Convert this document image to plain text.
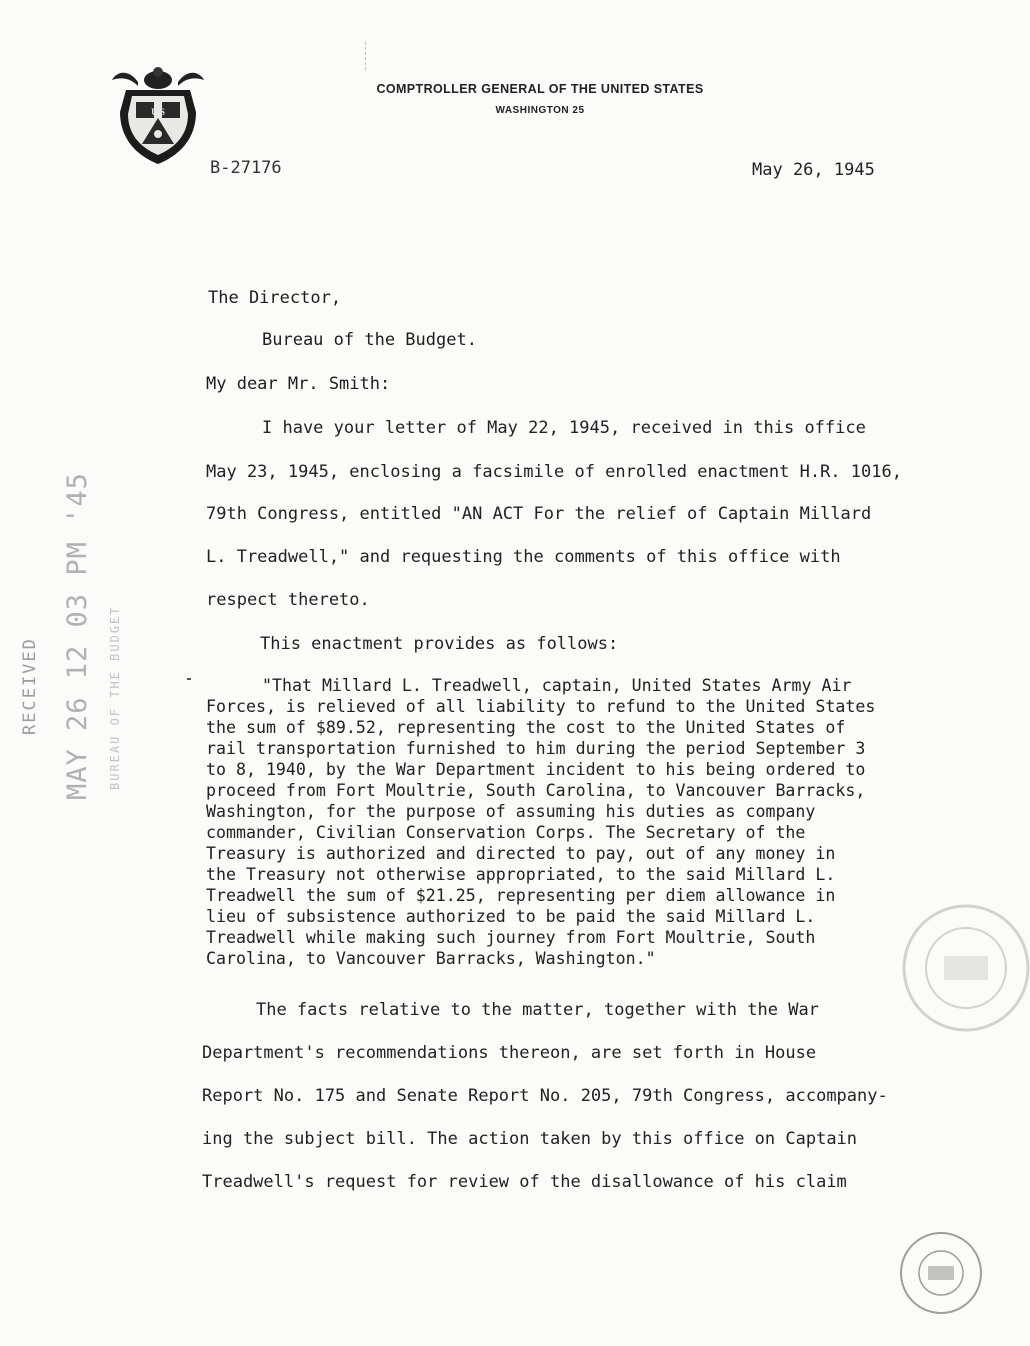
U S
COMPTROLLER GENERAL OF THE UNITED STATES
WASHINGTON 25
B-27176	May 26, 1945
The Director,
Bureau of the Budget.
My dear Mr. Smith:
I have your letter of May 22, 1945, received in this office
May 23, 1945, enclosing a facsimile of enrolled enactment H.R. 1016,
79th Congress, entitled "AN ACT For the relief of Captain Millard
L. Treadwell," and requesting the comments of this office with
respect thereto.
This enactment provides as follows:
"That Millard L. Treadwell, captain, United States Army Air
Forces, is relieved of all liability to refund to the United States
the sum of $89.52, representing the cost to the United States of
rail transportation furnished to him during the period September 3
to 8, 1940, by the War Department incident to his being ordered to
proceed from Fort Moultrie, South Carolina, to Vancouver Barracks,
Washington, for the purpose of assuming his duties as company
commander, Civilian Conservation Corps. The Secretary of the
Treasury is authorized and directed to pay, out of any money in
the Treasury not otherwise appropriated, to the said Millard L.
Treadwell the sum of $21.25, representing per diem allowance in
lieu of subsistence authorized to be paid the said Millard L.
Treadwell while making such journey from Fort Moultrie, South
Carolina, to Vancouver Barracks, Washington."
The facts relative to the matter, together with the War
Department's recommendations thereon, are set forth in House
Report No. 175 and Senate Report No. 205, 79th Congress, accompany-
ing the subject bill. The action taken by this office on Captain
Treadwell's request for review of the disallowance of his claim
RECEIVED MAY 26 12 03 PM '45 BUREAU OF THE BUDGET
